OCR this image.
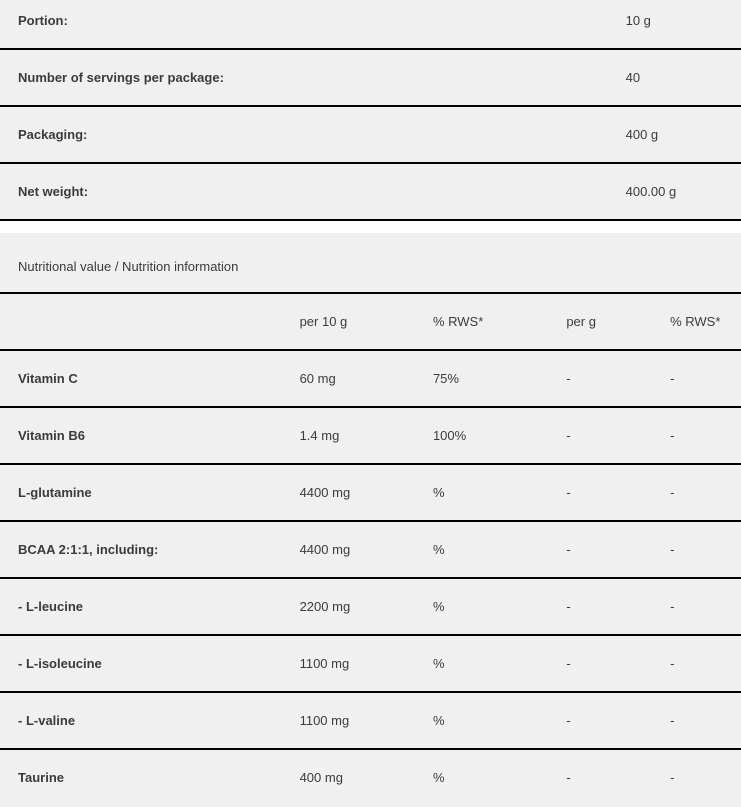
Portion:	10 g
Number of servings per package:	40
Packaging:	400 g
Net weight:	400.00 g
Nutritional value / Nutrition information				
	per 10 g	% RWS*	per g	% RWS*
Vitamin C	60 mg	75%	-	-
Vitamin B6	1.4 mg	100%	-	-
L-glutamine	4400 mg	%	-	-
BCAA 2:1:1, including:	4400 mg	%	-	-
- L-leucine	2200 mg	%	-	-
- L-isoleucine	1100 mg	%	-	-
- L-valine	1100 mg	%	-	-
Taurine	400 mg	%	-	-
